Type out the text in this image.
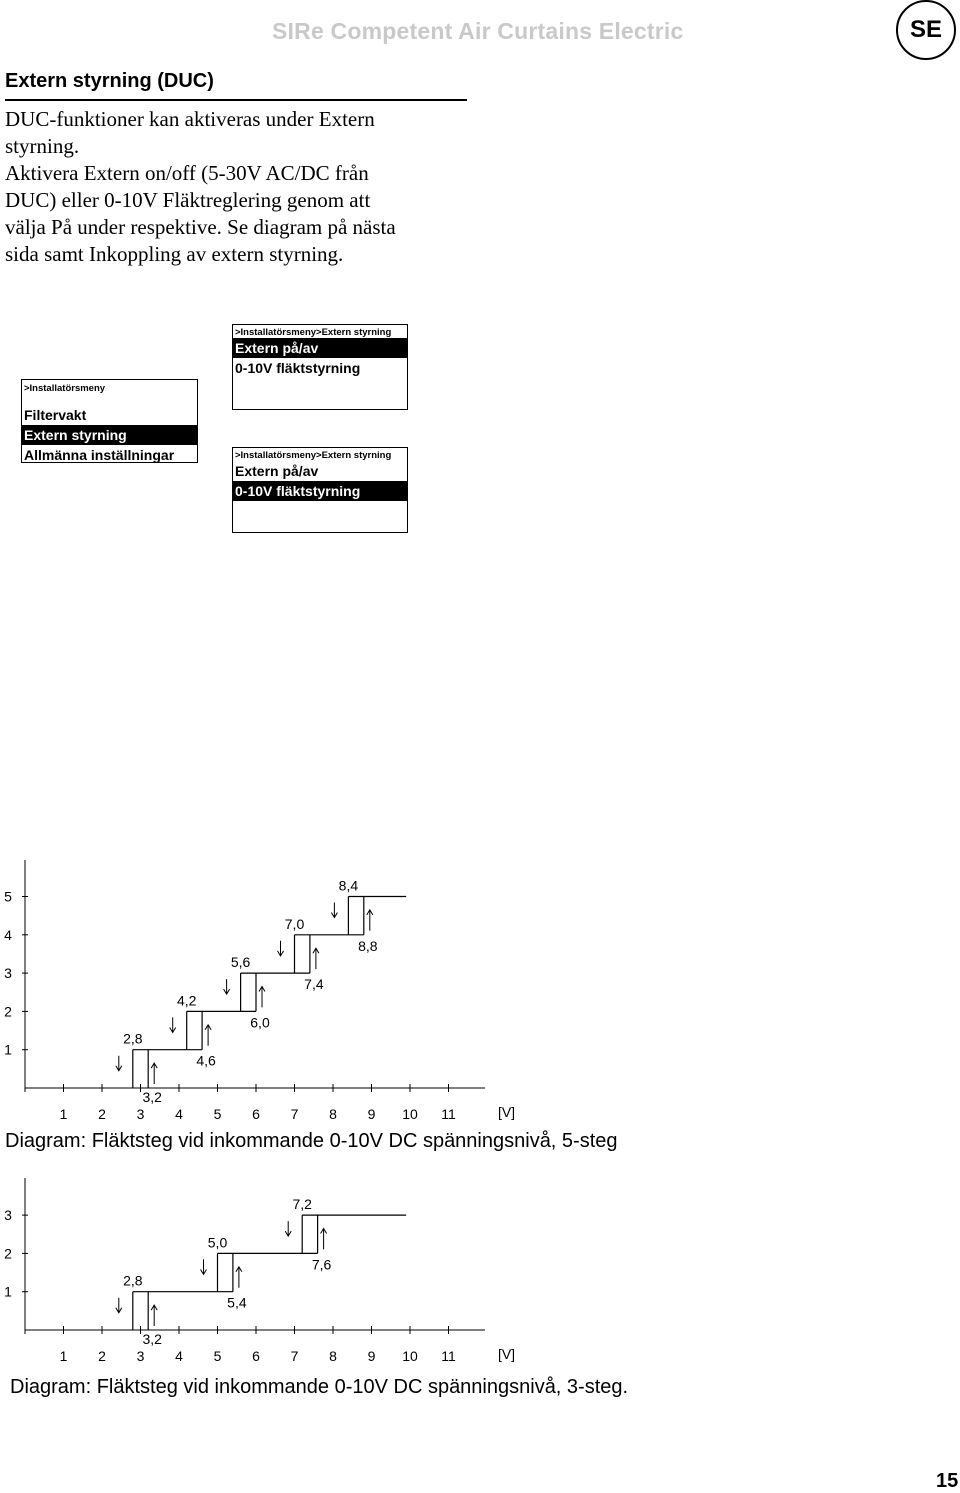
SIRe Competent Air Curtains Electric	SE
Extern styrning (DUC)
DUC-funktioner kan aktiveras under Extern
styrning.
Aktivera Extern on/off (5-30V AC/DC från
DUC) eller 0-10V Fläktreglering genom att
välja På under respektive. Se diagram på nästa
sida samt Inkoppling av extern styrning.
>Installatörsmeny
Filtervakt
Extern styrning
Allmänna inställningar
>Installatörsmeny>Extern styrning
Extern på/av
0-10V fläktstyrning
>Installatörsmeny>Extern styrning
Extern på/av
0-10V fläktstyrning
1
2
3
4
5
1 2 3 4 5 6 7 8 9 10 11	[V]
2,8
3,2
4,2
4,6
5,6
6,0
7,0
7,4
8,4
8,8
Diagram: Fläktsteg vid inkommande 0-10V DC spänningsnivå, 5-steg
1
2
3
1 2 3 4 5 6 7 8 9 10 11	[V]
2,8
3,2
5,0
5,4
7,2
7,6
Diagram: Fläktsteg vid inkommande 0-10V DC spänningsnivå, 3-steg.
15
